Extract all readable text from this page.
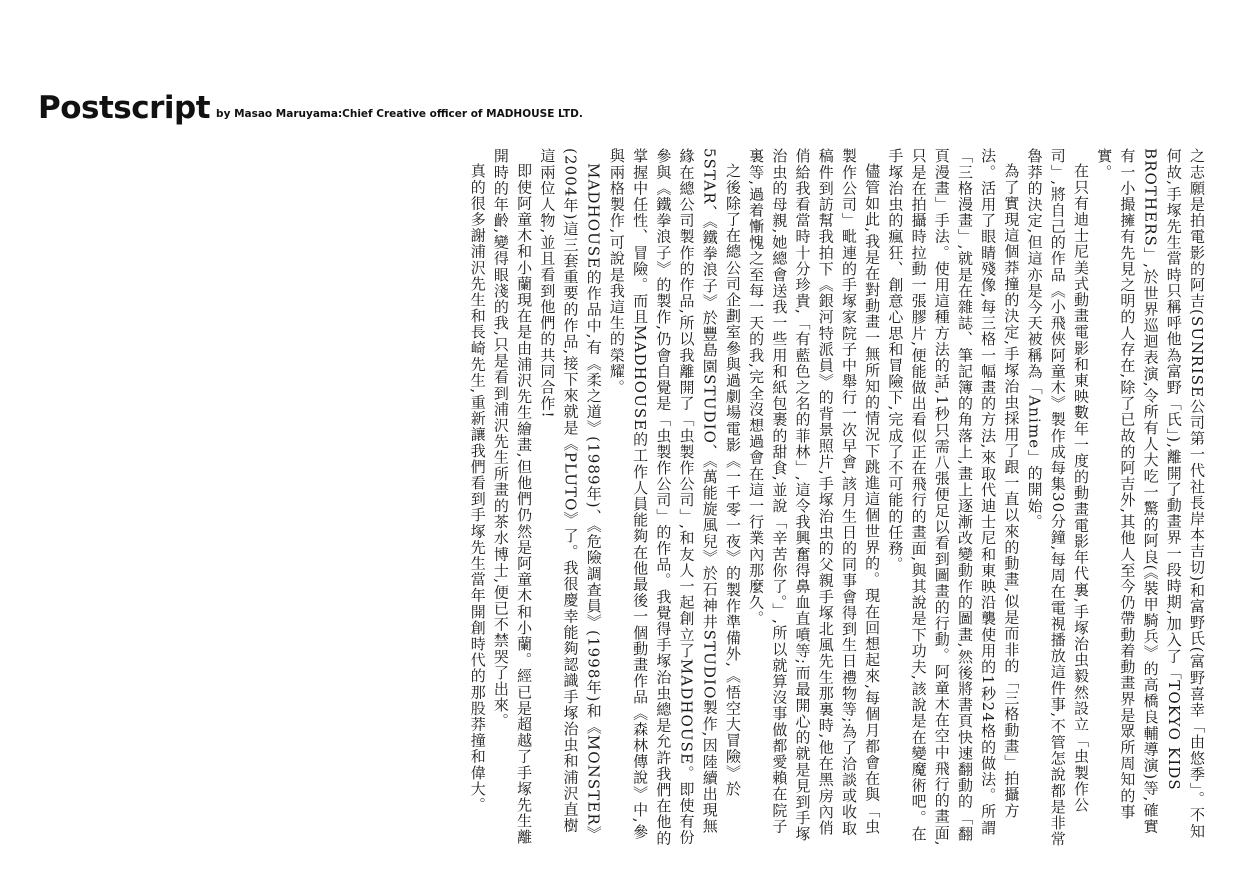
Postscript by Masao Maruyama:Chief Creative officer of MADHOUSE LTD.

之志願是拍電影的阿吉(SUNRISE公司第一代社長岸本吉切)和富野氏(富野喜幸「由悠季」。不知何故,手塚先生當時只稱呼他為富野「氏」),離開了動畫界一段時期,加入了「TOKYO KIDS BROTHERS」,於世界巡迴表演,令所有人大吃一驚的阿良(《裝甲騎兵》的高橋良輔導演)等,確實有一小撮擁有先見之明的人存在,除了已故的阿吉外,其他人至今仍帶動着動畫界是眾所周知的事實。

在只有迪士尼美式動畫電影和東映數年一度的動畫電影年代裏,手塚治虫毅然設立「虫製作公司」,將自己的作品《小飛俠阿童木》製作成每集30分鐘,每周在電視播放這件事,不管怎說都是非常魯莽的決定,但這亦是今天被稱為「Anime」的開始。

為了實現這個莽撞的決定,手塚治虫採用了跟一直以來的動畫,似是而非的「三格動畫」拍攝方法。活用了眼睛殘像,每三格一幅畫的方法,來取代迪士尼和東映沿襲使用的1秒24格的做法。所謂「三格漫畫」,就是在雜誌、筆記簿的角落上,畫上逐漸改變動作的圖畫,然後將書頁快速翻動的「翻頁漫畫」手法。使用這種方法的話,1秒只需八張便足以看到圖畫的行動。阿童木在空中飛行的畫面,只是在拍攝時拉動一張膠片,便能做出看似正在飛行的畫面,與其說是下功夫,該說是在變魔術吧。在手塚治虫的瘋狂、創意心思和冒險下,完成了不可能的任務。

儘管如此,我是在對動畫一無所知的情況下跳進這個世界的。現在回想起來,每個月都會在與「虫製作公司」毗連的手塚家院子中舉行一次早會,該月生日的同事會得到生日禮物等;為了洽談或收取稿件到訪幫我拍下《銀河特派員》的背景照片,手塚治虫的父親手塚北風先生那裏時,他在黑房內俏俏給我看當時十分珍貴,「有藍色之名的菲林」,這令我興奮得鼻血直噴等;而最開心的就是見到手塚治虫的母親,她總會送我一些用和紙包裹的甜食,並說「辛苦你了。」,所以就算沒事做都愛賴在院子裏等,過着慚愧之至每一天的我,完全沒想過會在這一行業內那麼久。

之後除了在總公司企劃室參與過劇場電影《一千零一夜》的製作準備外,《悟空大冒險》於5STAR、《鐵拳浪子》於豐島園STUDIO、《萬能旋風兒》於石神井STUDIO製作,因陸續出現無緣在總公司製作的作品,所以我離開了「虫製作公司」,和友人一起創立了MADHOUSE。即使有份參與《鐵拳浪子》的製作,仍會自覺是「虫製作公司」的作品。我覺得手塚治虫總是允許我們在他的掌握中任性、冒險。而且MADHOUSE的工作人員能夠在他最後一個動畫作品《森林傳說》中,參與兩格製作,可說是我這生的榮耀。

MADHOUSE的作品中,有《柔之道》(1989年)、《危險調查員》(1998年)和《MONSTER》(2004年)這三套重要的作品,接下來就是《PLUTO》了。我很慶幸能夠認識手塚治虫和浦沢直樹這兩位人物,並且看到他們的共同合作!

即使阿童木和小蘭現在是由浦沢先生繪畫,但他們仍然是阿童木和小蘭。經已是超越了手塚先生離開時的年齡,變得眼淺的我,只是看到浦沢先生所畫的茶水博士,便已不禁哭了出來。

真的很多謝浦沢先生和長崎先生,重新讓我們看到手塚先生當年開創時代的那股莽撞和偉大。
